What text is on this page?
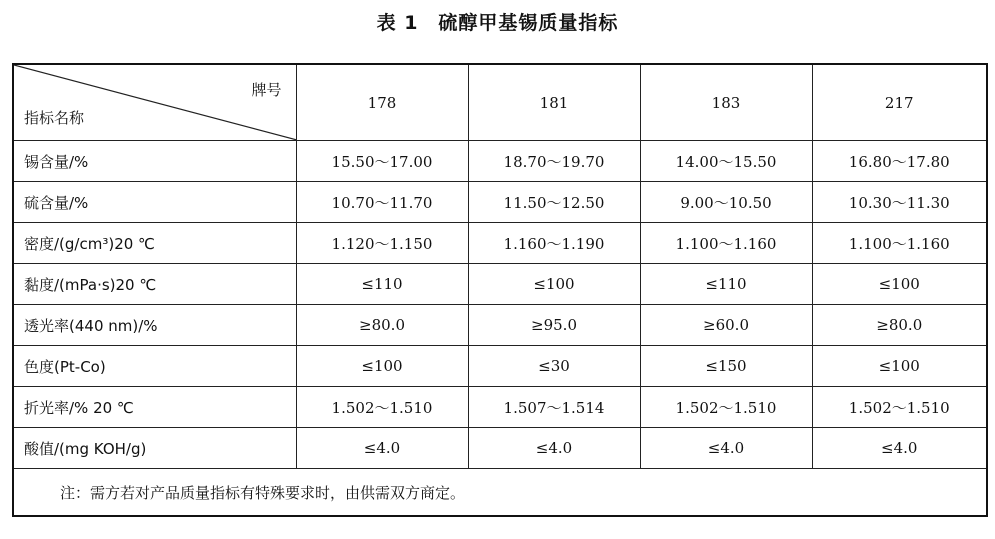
表 1　硫醇甲基锡质量指标
牌号
指标名称	178	181	183	217
锡含量/%	15.50～17.00	18.70～19.70	14.00～15.50	16.80～17.80
硫含量/%	10.70～11.70	11.50～12.50	9.00～10.50	10.30～11.30
密度/(g/cm³)20 ℃	1.120～1.150	1.160～1.190	1.100～1.160	1.100～1.160
黏度/(mPa·s)20 ℃	≤110	≤100	≤110	≤100
透光率(440 nm)/%	≥80.0	≥95.0	≥60.0	≥80.0
色度(Pt-Co)	≤100	≤30	≤150	≤100
折光率/% 20 ℃	1.502～1.510	1.507～1.514	1.502～1.510	1.502～1.510
酸值/(mg KOH/g)	≤4.0	≤4.0	≤4.0	≤4.0
注：需方若对产品质量指标有特殊要求时，由供需双方商定。				
